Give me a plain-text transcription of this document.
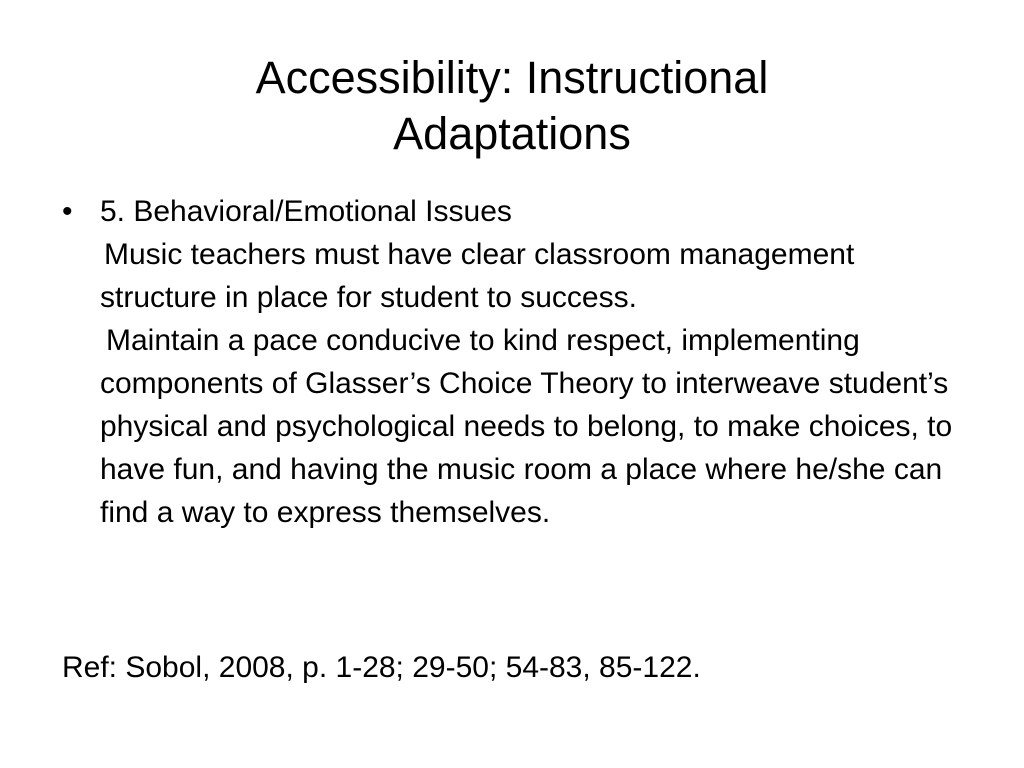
Accessibility: Instructional
Adaptations
• 5. Behavioral/Emotional Issues

Music teachers must have clear classroom management structure in place for student to success.

Maintain a pace conducive to kind respect, implementing components of Glasser’s Choice Theory to interweave student’s physical and psychological needs to belong, to make choices, to have fun, and having the music room a place where he/she can find a way to express themselves.

Ref: Sobol, 2008, p. 1-28; 29-50; 54-83, 85-122.
